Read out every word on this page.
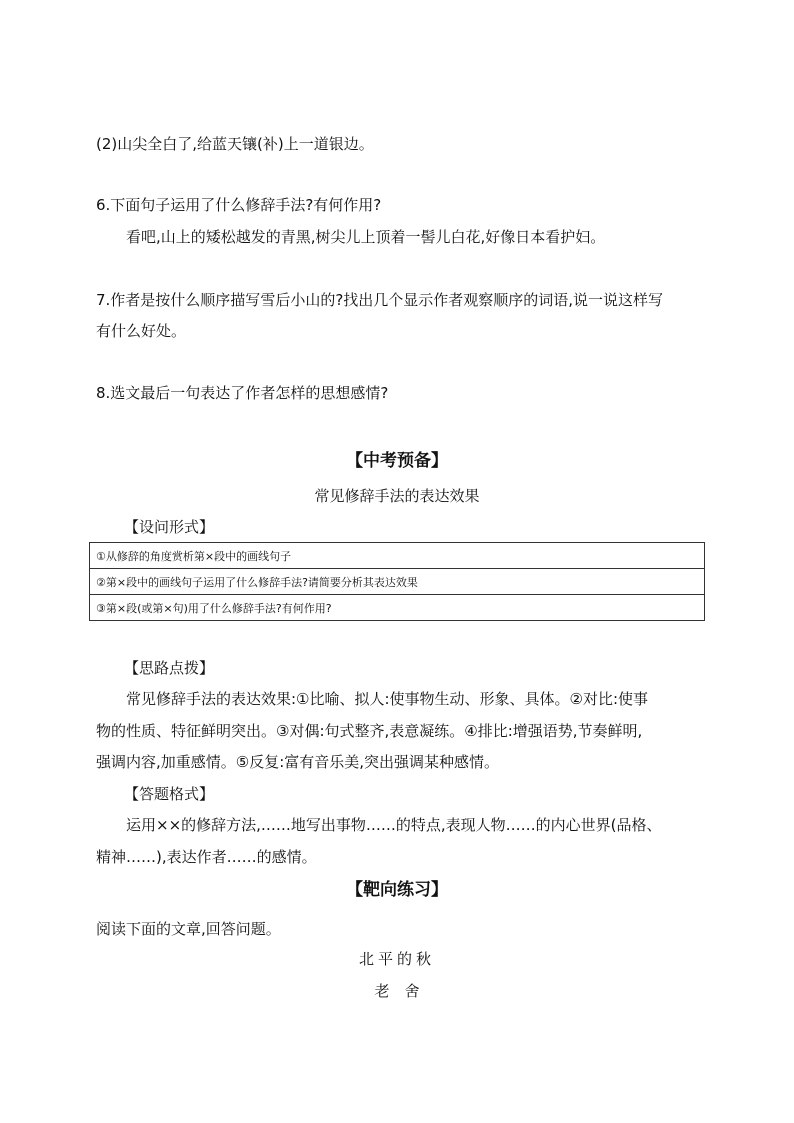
(2)山尖全白了,给蓝天镶(补)上一道银边。
6.下面句子运用了什么修辞手法?有何作用?
看吧,山上的矮松越发的青黑,树尖儿上顶着一髻儿白花,好像日本看护妇。
7.作者是按什么顺序描写雪后小山的?找出几个显示作者观察顺序的词语,说一说这样写
有什么好处。
8.选文最后一句表达了作者怎样的思想感情?
【中考预备】
常见修辞手法的表达效果
【设问形式】
①从修辞的角度赏析第×段中的画线句子
②第×段中的画线句子运用了什么修辞手法?请简要分析其表达效果
③第×段(或第×句)用了什么修辞手法?有何作用?
【思路点拨】
常见修辞手法的表达效果:①比喻、拟人:使事物生动、形象、具体。②对比:使事
物的性质、特征鲜明突出。③对偶:句式整齐,表意凝练。④排比:增强语势,节奏鲜明,
强调内容,加重感情。⑤反复:富有音乐美,突出强调某种感情。
【答题格式】
运用××的修辞方法,……地写出事物……的特点,表现人物……的内心世界(品格、
精神……),表达作者……的感情。
【靶向练习】
阅读下面的文章,回答问题。
北平的秋
老　舍
